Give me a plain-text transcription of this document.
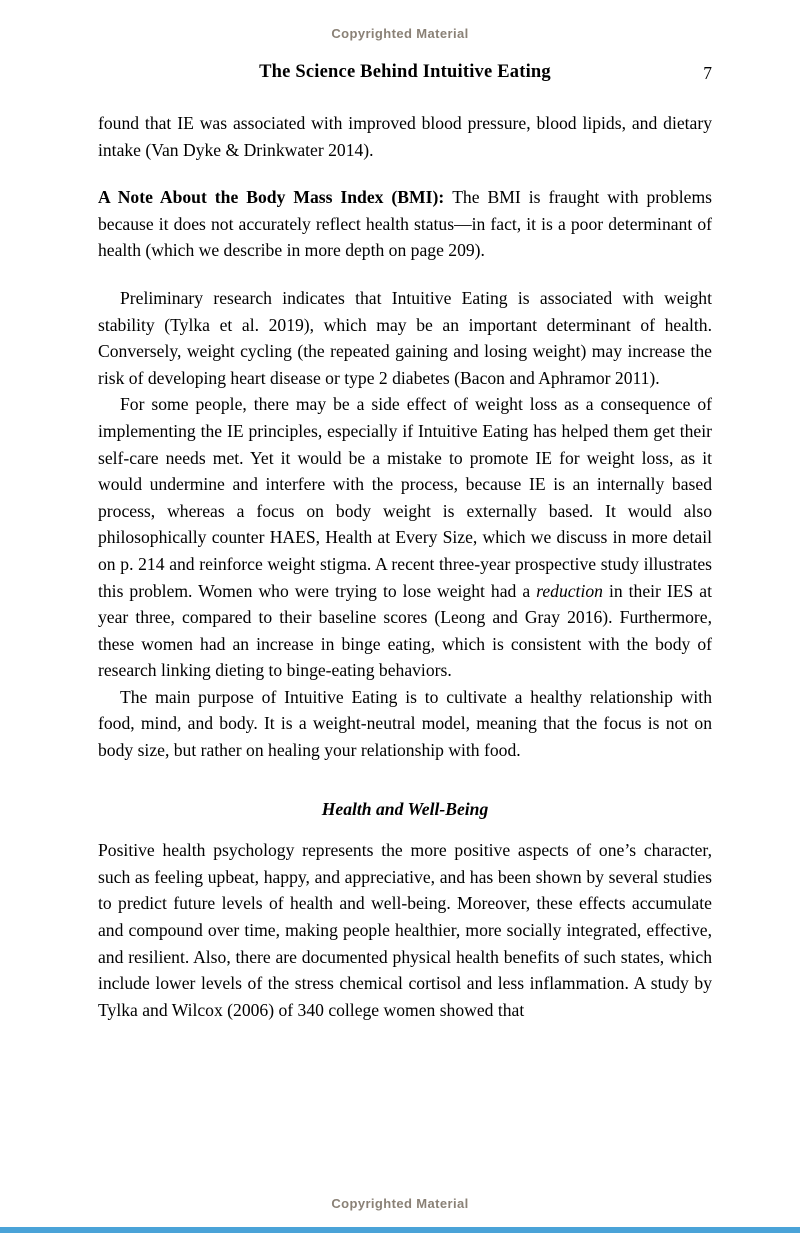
Copyrighted Material
The Science Behind Intuitive Eating	7

found that IE was associated with improved blood pressure, blood lipids, and dietary intake (Van Dyke & Drinkwater 2014).

A Note About the Body Mass Index (BMI): The BMI is fraught with problems because it does not accurately reflect health status—in fact, it is a poor determinant of health (which we describe in more depth on page 209).

Preliminary research indicates that Intuitive Eating is associated with weight stability (Tylka et al. 2019), which may be an important determinant of health. Conversely, weight cycling (the repeated gaining and losing weight) may increase the risk of developing heart disease or type 2 diabetes (Bacon and Aphramor 2011).

For some people, there may be a side effect of weight loss as a consequence of implementing the IE principles, especially if Intuitive Eating has helped them get their self-care needs met. Yet it would be a mistake to promote IE for weight loss, as it would undermine and interfere with the process, because IE is an internally based process, whereas a focus on body weight is externally based. It would also philosophically counter HAES, Health at Every Size, which we discuss in more detail on p. 214 and reinforce weight stigma. A recent three-year prospective study illustrates this problem. Women who were trying to lose weight had a reduction in their IES at year three, compared to their baseline scores (Leong and Gray 2016). Furthermore, these women had an increase in binge eating, which is consistent with the body of research linking dieting to binge-eating behaviors.

The main purpose of Intuitive Eating is to cultivate a healthy relationship with food, mind, and body. It is a weight-neutral model, meaning that the focus is not on body size, but rather on healing your relationship with food.

Health and Well-Being

Positive health psychology represents the more positive aspects of one’s character, such as feeling upbeat, happy, and appreciative, and has been shown by several studies to predict future levels of health and well-being. Moreover, these effects accumulate and compound over time, making people healthier, more socially integrated, effective, and resilient. Also, there are documented physical health benefits of such states, which include lower levels of the stress chemical cortisol and less inflammation. A study by Tylka and Wilcox (2006) of 340 college women showed that

Copyrighted Material
